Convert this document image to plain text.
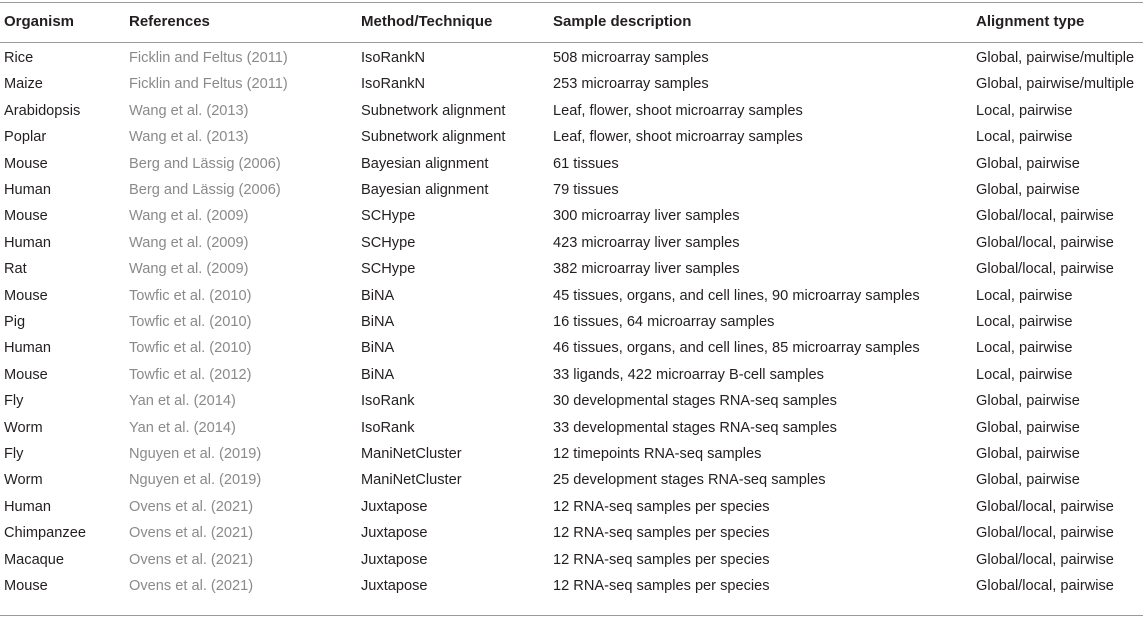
Organism	References	Method/Technique	Sample description	Alignment type
Rice	Ficklin and Feltus (2011)	IsoRankN	508 microarray samples	Global, pairwise/multiple
Maize	Ficklin and Feltus (2011)	IsoRankN	253 microarray samples	Global, pairwise/multiple
Arabidopsis	Wang et al. (2013)	Subnetwork alignment	Leaf, flower, shoot microarray samples	Local, pairwise
Poplar	Wang et al. (2013)	Subnetwork alignment	Leaf, flower, shoot microarray samples	Local, pairwise
Mouse	Berg and Lässig (2006)	Bayesian alignment	61 tissues	Global, pairwise
Human	Berg and Lässig (2006)	Bayesian alignment	79 tissues	Global, pairwise
Mouse	Wang et al. (2009)	SCHype	300 microarray liver samples	Global/local, pairwise
Human	Wang et al. (2009)	SCHype	423 microarray liver samples	Global/local, pairwise
Rat	Wang et al. (2009)	SCHype	382 microarray liver samples	Global/local, pairwise
Mouse	Towfic et al. (2010)	BiNA	45 tissues, organs, and cell lines, 90 microarray samples	Local, pairwise
Pig	Towfic et al. (2010)	BiNA	16 tissues, 64 microarray samples	Local, pairwise
Human	Towfic et al. (2010)	BiNA	46 tissues, organs, and cell lines, 85 microarray samples	Local, pairwise
Mouse	Towfic et al. (2012)	BiNA	33 ligands, 422 microarray B-cell samples	Local, pairwise
Fly	Yan et al. (2014)	IsoRank	30 developmental stages RNA-seq samples	Global, pairwise
Worm	Yan et al. (2014)	IsoRank	33 developmental stages RNA-seq samples	Global, pairwise
Fly	Nguyen et al. (2019)	ManiNetCluster	12 timepoints RNA-seq samples	Global, pairwise
Worm	Nguyen et al. (2019)	ManiNetCluster	25 development stages RNA-seq samples	Global, pairwise
Human	Ovens et al. (2021)	Juxtapose	12 RNA-seq samples per species	Global/local, pairwise
Chimpanzee	Ovens et al. (2021)	Juxtapose	12 RNA-seq samples per species	Global/local, pairwise
Macaque	Ovens et al. (2021)	Juxtapose	12 RNA-seq samples per species	Global/local, pairwise
Mouse	Ovens et al. (2021)	Juxtapose	12 RNA-seq samples per species	Global/local, pairwise
